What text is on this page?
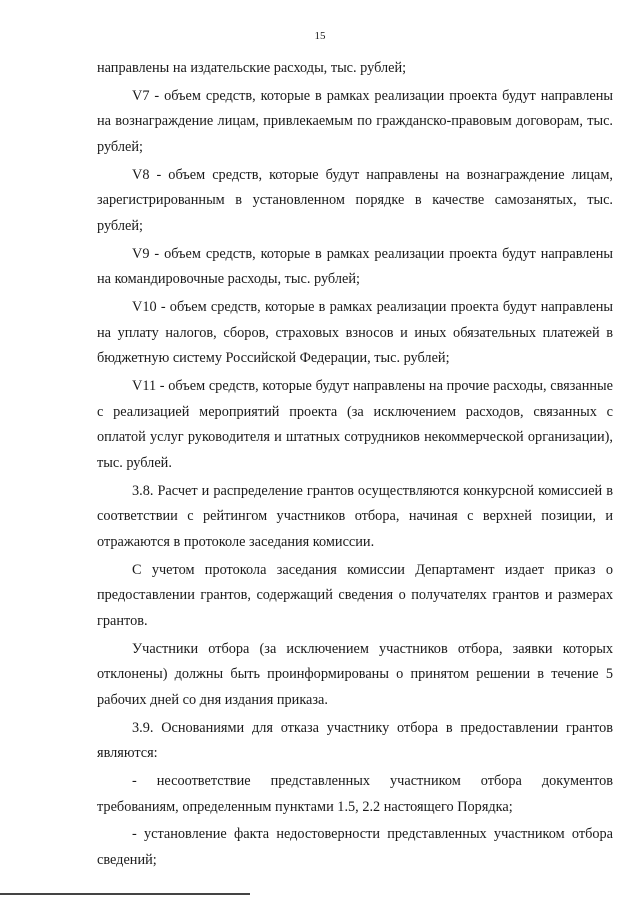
15

направлены на издательские расходы, тыс. рублей;

V7 - объем средств, которые в рамках реализации проекта будут направлены на вознаграждение лицам, привлекаемым по гражданско-правовым договорам, тыс. рублей;

V8 - объем средств, которые будут направлены на вознаграждение лицам, зарегистрированным в установленном порядке в качестве самозанятых, тыс. рублей;

V9 - объем средств, которые в рамках реализации проекта будут направлены на командировочные расходы, тыс. рублей;

V10 - объем средств, которые в рамках реализации проекта будут направлены на уплату налогов, сборов, страховых взносов и иных обязательных платежей в бюджетную систему Российской Федерации, тыс. рублей;

V11 - объем средств, которые будут направлены на прочие расходы, связанные с реализацией мероприятий проекта (за исключением расходов, связанных с оплатой услуг руководителя и штатных сотрудников некоммерческой организации), тыс. рублей.

3.8. Расчет и распределение грантов осуществляются конкурсной комиссией в соответствии с рейтингом участников отбора, начиная с верхней позиции, и отражаются в протоколе заседания комиссии.

С учетом протокола заседания комиссии Департамент издает приказ о предоставлении грантов, содержащий сведения о получателях грантов и размерах грантов.

Участники отбора (за исключением участников отбора, заявки которых отклонены) должны быть проинформированы о принятом решении в течение 5 рабочих дней со дня издания приказа.

3.9. Основаниями для отказа участнику отбора в предоставлении грантов являются:

- несоответствие представленных участником отбора документов требованиям, определенным пунктами 1.5, 2.2 настоящего Порядка;

- установление факта недостоверности представленных участником отбора сведений;
